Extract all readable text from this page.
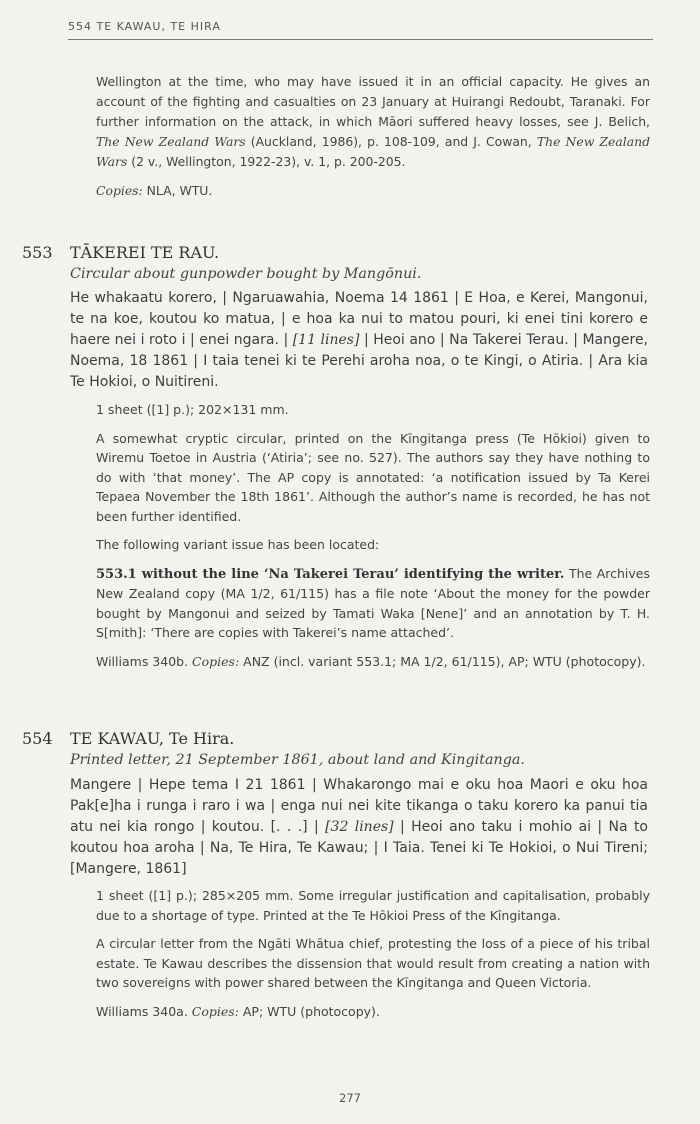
554 TE KAWAU, TE HIRA

Wellington at the time, who may have issued it in an official capacity. He gives an account of the fighting and casualties on 23 January at Huirangi Redoubt, Taranaki. For further information on the attack, in which Māori suffered heavy losses, see J. Belich, The New Zealand Wars (Auckland, 1986), p. 108-109, and J. Cowan, The New Zealand Wars (2 v., Wellington, 1922-23), v. 1, p. 200-205.

Copies: NLA, WTU.

553 TĀKEREI TE RAU.
Circular about gunpowder bought by Mangōnui.

He whakaatu korero, | Ngaruawahia, Noema 14 1861 | E Hoa, e Kerei, Mangonui, te na koe, koutou ko matua, | e hoa ka nui to matou pouri, ki enei tini korero e haere nei i roto i | enei ngara. | [11 lines] | Heoi ano | Na Takerei Terau. | Mangere, Noema, 18 1861 | I taia tenei ki te Perehi aroha noa, o te Kingi, o Atiria. | Ara kia Te Hokioi, o Nuitireni.

1 sheet ([1] p.); 202×131 mm.

A somewhat cryptic circular, printed on the Kīngitanga press (Te Hōkioi) given to Wiremu Toetoe in Austria (‘Atiria’; see no. 527). The authors say they have nothing to do with ‘that money’. The AP copy is annotated: ‘a notification issued by Ta Kerei Tepaea November the 18th 1861’. Although the author’s name is recorded, he has not been further identified.

The following variant issue has been located:

553.1 without the line ‘Na Takerei Terau’ identifying the writer. The Archives New Zealand copy (MA 1/2, 61/115) has a file note ‘About the money for the powder bought by Mangonui and seized by Tamati Waka [Nene]’ and an annotation by T. H. S[mith]: ‘There are copies with Takerei’s name attached’.

Williams 340b. Copies: ANZ (incl. variant 553.1; MA 1/2, 61/115), AP; WTU (photocopy).

554 TE KAWAU, Te Hira.
Printed letter, 21 September 1861, about land and Kingitanga.

Mangere | Hepe tema I 21 1861 | Whakarongo mai e oku hoa Maori e oku hoa Pak[e]ha i runga i raro i wa | enga nui nei kite tikanga o taku korero ka panui tia atu nei kia rongo | koutou. [. . .] | [32 lines] | Heoi ano taku i mohio ai | Na to koutou hoa aroha | Na, Te Hira, Te Kawau; | I Taia. Tenei ki Te Hokioi, o Nui Tireni; [Mangere, 1861]

1 sheet ([1] p.); 285×205 mm. Some irregular justification and capitalisation, probably due to a shortage of type. Printed at the Te Hōkioi Press of the Kīngitanga.

A circular letter from the Ngāti Whātua chief, protesting the loss of a piece of his tribal estate. Te Kawau describes the dissension that would result from creating a nation with two sovereigns with power shared between the Kīngitanga and Queen Victoria.

Williams 340a. Copies: AP; WTU (photocopy).

277
